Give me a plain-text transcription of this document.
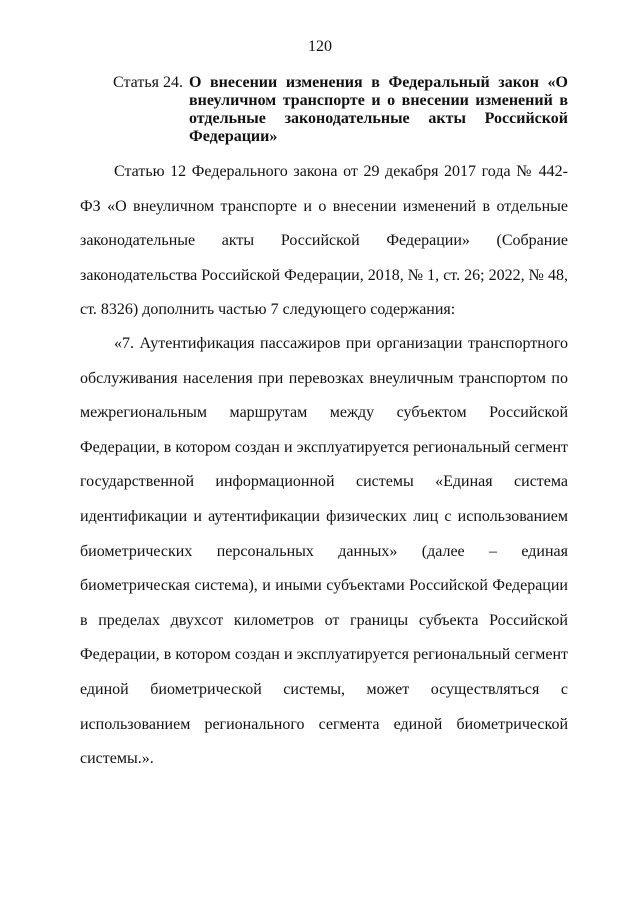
120
Статья 24. О внесении изменения в Федеральный закон «О внеуличном транспорте и о внесении изменений в отдельные законодательные акты Российской Федерации»

Статью 12 Федерального закона от 29 декабря 2017 года № 442-ФЗ «О внеуличном транспорте и о внесении изменений в отдельные законодательные акты Российской Федерации» (Собрание законодательства Российской Федерации, 2018, № 1, ст. 26; 2022, № 48, ст. 8326) дополнить частью 7 следующего содержания:

«7. Аутентификация пассажиров при организации транспортного обслуживания населения при перевозках внеуличным транспортом по межрегиональным маршрутам между субъектом Российской Федерации, в котором создан и эксплуатируется региональный сегмент государственной информационной системы «Единая система идентификации и аутентификации физических лиц с использованием биометрических персональных данных» (далее – единая биометрическая система), и иными субъектами Российской Федерации в пределах двухсот километров от границы субъекта Российской Федерации, в котором создан и эксплуатируется региональный сегмент единой биометрической системы, может осуществляться с использованием регионального сегмента единой биометрической системы.».
